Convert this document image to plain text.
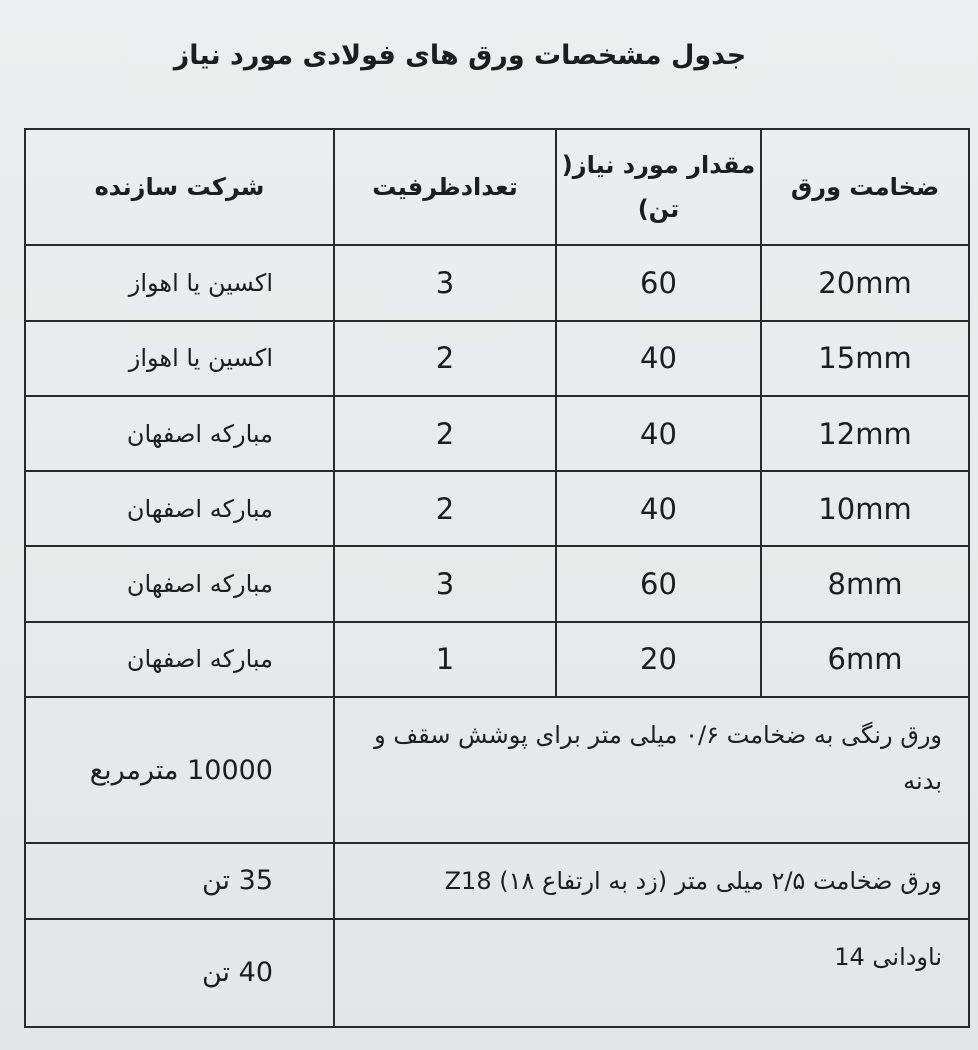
جدول مشخصات ورق های فولادی مورد نیاز
ضخامت ورق	مقدار مورد نیاز( تن)	تعدادظرفیت	شرکت سازنده
20mm	60	3	اکسین یا اهواز
15mm	40	2	اکسین یا اهواز
12mm	40	2	مبارکه اصفهان
10mm	40	2	مبارکه اصفهان
8mm	60	3	مبارکه اصفهان
6mm	20	1	مبارکه اصفهان
ورق رنگی به ضخامت ۰/۶ میلی متر برای پوشش سقف و بدنه			10000 مترمربع
Z18 (زد به ارتفاع ۱۸) ورق ضخامت ۲/۵ میلی متر			35 تن
ناودانی 14			40 تن
